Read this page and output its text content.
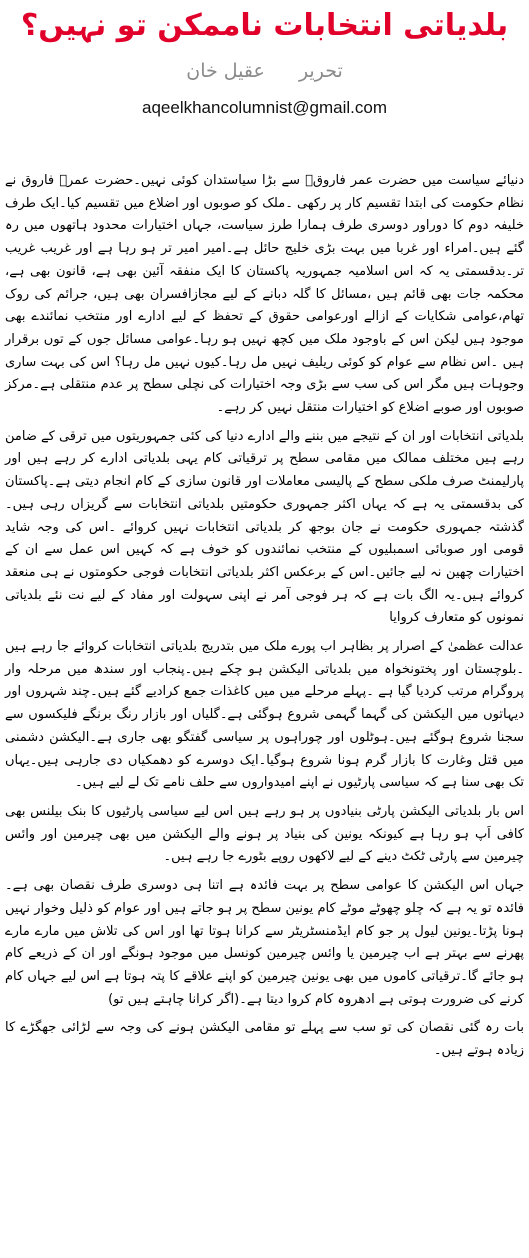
بلدیاتی انتخابات ناممکن تو نہیں؟
تحریر  عقیل خان
aqeelkhancolumnist@gmail.com

دنیائے سیاست میں حضرت عمر فاروقؓ سے بڑا سیاستدان کوئی نہیں۔حضرت عمرؓ فاروق نے نظام حکومت کی ابتدا تقسیم کار پر رکھی ۔ملک کو صوبوں اور اضلاع میں تقسیم کیا۔ایک طرف خلیفہ دوم کا دوراور دوسری طرف ہمارا طرز سیاست، جہاں اختیارات محدود ہاتھوں میں رہ گئے ہیں۔امراء اور غربا میں بہت بڑی خلیج حائل ہے۔امیر امیر تر ہو رہا ہے اور غریب غریب تر۔بدقسمتی یہ کہ اس اسلامیہ جمہوریہ پاکستان کا ایک منفقہ آئین بھی ہے، قانون بھی ہے، محکمہ جات بھی قائم ہیں ،مسائل کا گلہ دبانے کے لیے مجازافسران بھی ہیں، جرائم کی روک تھام،عوامی شکایات کے ازالے اورعوامی حقوق کے تحفظ کے لیے ادارے اور منتخب نمائندے بھی موجود ہیں لیکن اس کے باوجود ملک میں کچھ نہیں ہو رہا۔عوامی مسائل جوں کے توں برقرار ہیں ۔اس نظام سے عوام کو کوئی ریلیف نہیں مل رہا۔کیوں نہیں مل رہا؟ اس کی بہت ساری وجوہات ہیں مگر اس کی سب سے بڑی وجہ اختیارات کی نچلی سطح پر عدم منتقلی ہے۔مرکز صوبوں اور صوبے اضلاع کو اختیارات منتقل نہیں کر رہے۔

بلدیاتی انتخابات اور ان کے نتیجے میں بننے والے ادارے دنیا کی کئی جمہوریتوں میں ترقی کے ضامن رہے ہیں مختلف ممالک میں مقامی سطح پر ترقیاتی کام یہی بلدیاتی ادارے کر رہے ہیں اور پارلیمنٹ صرف ملکی سطح کے پالیسی معاملات اور قانون سازی کے کام انجام دیتی ہے۔پاکستان کی بدقسمتی یہ ہے کہ یہاں اکثر جمہوری حکومتیں بلدیاتی انتخابات سے گریزاں رہی ہیں۔گذشتہ جمہوری حکومت نے جان بوجھ کر بلدیاتی انتخابات نہیں کروائے ۔اس کی وجہ شاید قومی اور صوبائی اسمبلیوں کے منتخب نمائندوں کو خوف ہے کہ کہیں اس عمل سے ان کے اختیارات چھین نہ لیے جائیں۔اس کے برعکس اکثر بلدیاتی انتخابات فوجی حکومتوں نے ہی منعقد کروائے ہیں۔یہ الگ بات ہے کہ ہر فوجی آمر نے اپنی سہولت اور مفاد کے لیے نت نئے بلدیاتی نمونوں کو متعارف کروایا

عدالت عظمیٰ کے اصرار پر بظاہر اب پورے ملک میں بتدریج بلدیاتی انتخابات کروائے جا رہے ہیں ۔بلوچستان اور پختونخواہ میں بلدیاتی الیکشن ہو چکے ہیں۔پنجاب اور سندھ میں مرحلہ وار پروگرام مرتب کردیا گیا ہے ۔پہلے مرحلے میں میں کاغذات جمع کرادیے گئے ہیں۔چند شہروں اور دیہاتوں میں الیکشن کی گہما گہمی شروع ہوگئی ہے۔گلیاں اور بازار رنگ برنگے فلیکسوں سے سجنا شروع ہوگئے ہیں۔ہوٹلوں اور چوراہوں پر سیاسی گفتگو بھی جاری ہے۔الیکشن دشمنی میں قتل وغارت کا بازار گرم ہونا شروع ہوگیا۔ایک دوسرے کو دھمکیاں دی جارہی ہیں۔یہاں تک بھی سنا ہے کہ سیاسی پارٹیوں نے اپنے امیدواروں سے حلف نامے تک لے لیے ہیں۔

اس بار بلدیاتی الیکشن پارٹی بنیادوں پر ہو رہے ہیں اس لیے سیاسی پارٹیوں کا بنک بیلنس بھی کافی اَپ ہو رہا ہے کیونکہ یونین کی بنیاد پر ہونے والے الیکشن میں بھی چیرمین اور وائس چیرمین سے پارٹی ٹکٹ دینے کے لیے لاکھوں روپے بٹورے جا رہے ہیں۔

جہاں اس الیکشن کا عوامی سطح پر بہت فائدہ ہے اتنا ہی دوسری طرف نقصان بھی ہے۔فائدہ تو یہ ہے کہ چلو چھوٹے موٹے کام یونین سطح پر ہو جاتے ہیں اور عوام کو ذلیل وخوار نہیں ہونا پڑتا۔یونین لیول پر جو کام ایڈمنسٹریٹر سے کرانا ہوتا تھا اور اس کی تلاش میں مارے مارے پھرنے سے بہتر ہے اب چیرمین یا وائس چیرمین کونسل میں موجود ہونگے اور ان کے ذریعے کام ہو جائے گا۔ترقیاتی کاموں میں بھی یونین چیرمین کو اپنے علاقے کا پتہ ہوتا ہے اس لیے جہاں کام کرنے کی ضرورت ہوتی ہے ادھروہ کام کروا دیتا ہے۔(اگر کرانا چاہتے ہیں تو)

بات رہ گئی نقصان کی تو سب سے پہلے تو مقامی الیکشن ہونے کی وجہ سے لڑائی جھگڑے کا زیادہ ہوتے ہیں۔
